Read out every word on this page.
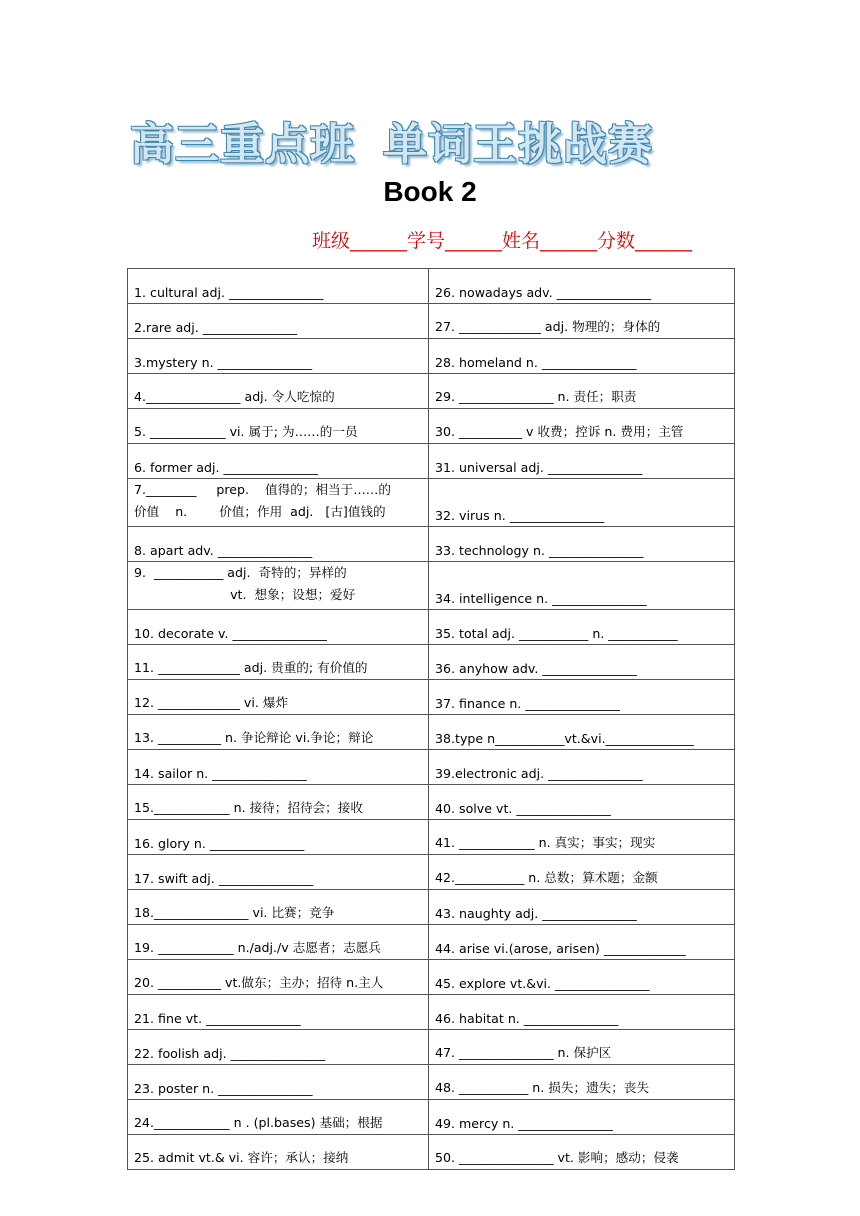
高三重点班 单词王挑战赛
Book 2
班级______学号______姓名______分数______
1. cultural adj. _______________	26. nowadays adv. _______________
2.rare adj. _______________	27. _____________ adj. 物理的；身体的
3.mystery n. _______________	28. homeland n. _______________
4._______________ adj. 令人吃惊的	29. _______________ n. 责任；职责
5. ____________ vi. 属于; 为……的一员	30. __________ v 收费；控诉 n. 费用；主管
6. former adj. _______________	31. universal adj. _______________
7.________     prep.    值得的；相当于……的
价值    n.        价值；作用  adj.   [古]值钱的	32. virus n. _______________
8. apart adv. _______________	33. technology n. _______________
9.  ___________ adj.  奇特的；异样的
vt.  想象；设想；爱好	34. intelligence n. _______________
10. decorate v. _______________	35. total adj. ___________ n. ___________
11. _____________ adj. 贵重的; 有价值的	36. anyhow adv. _______________
12. _____________ vi. 爆炸	37. finance n. _______________
13. __________ n. 争论辩论 vi.争论；辩论	38.type n___________vt.&vi.______________
14. sailor n. _______________	39.electronic adj. _______________
15.____________ n. 接待；招待会；接收	40. solve vt. _______________
16. glory n. _______________	41. ____________ n. 真实；事实；现实
17. swift adj. _______________	42.___________ n. 总数；算术题；金额
18._______________ vi. 比赛；竞争	43. naughty adj. _______________
19. ____________ n./adj./v 志愿者；志愿兵	44. arise vi.(arose, arisen) _____________
20. __________ vt.做东；主办；招待 n.主人	45. explore vt.&vi. _______________
21. fine vt. _______________	46. habitat n. _______________
22. foolish adj. _______________	47. _______________ n. 保护区
23. poster n. _______________	48. ___________ n. 损失；遗失；丧失
24.____________ n . (pl.bases) 基础；根据	49. mercy n. _______________
25. admit vt.& vi. 容许；承认；接纳	50. _______________ vt. 影响；感动；侵袭
